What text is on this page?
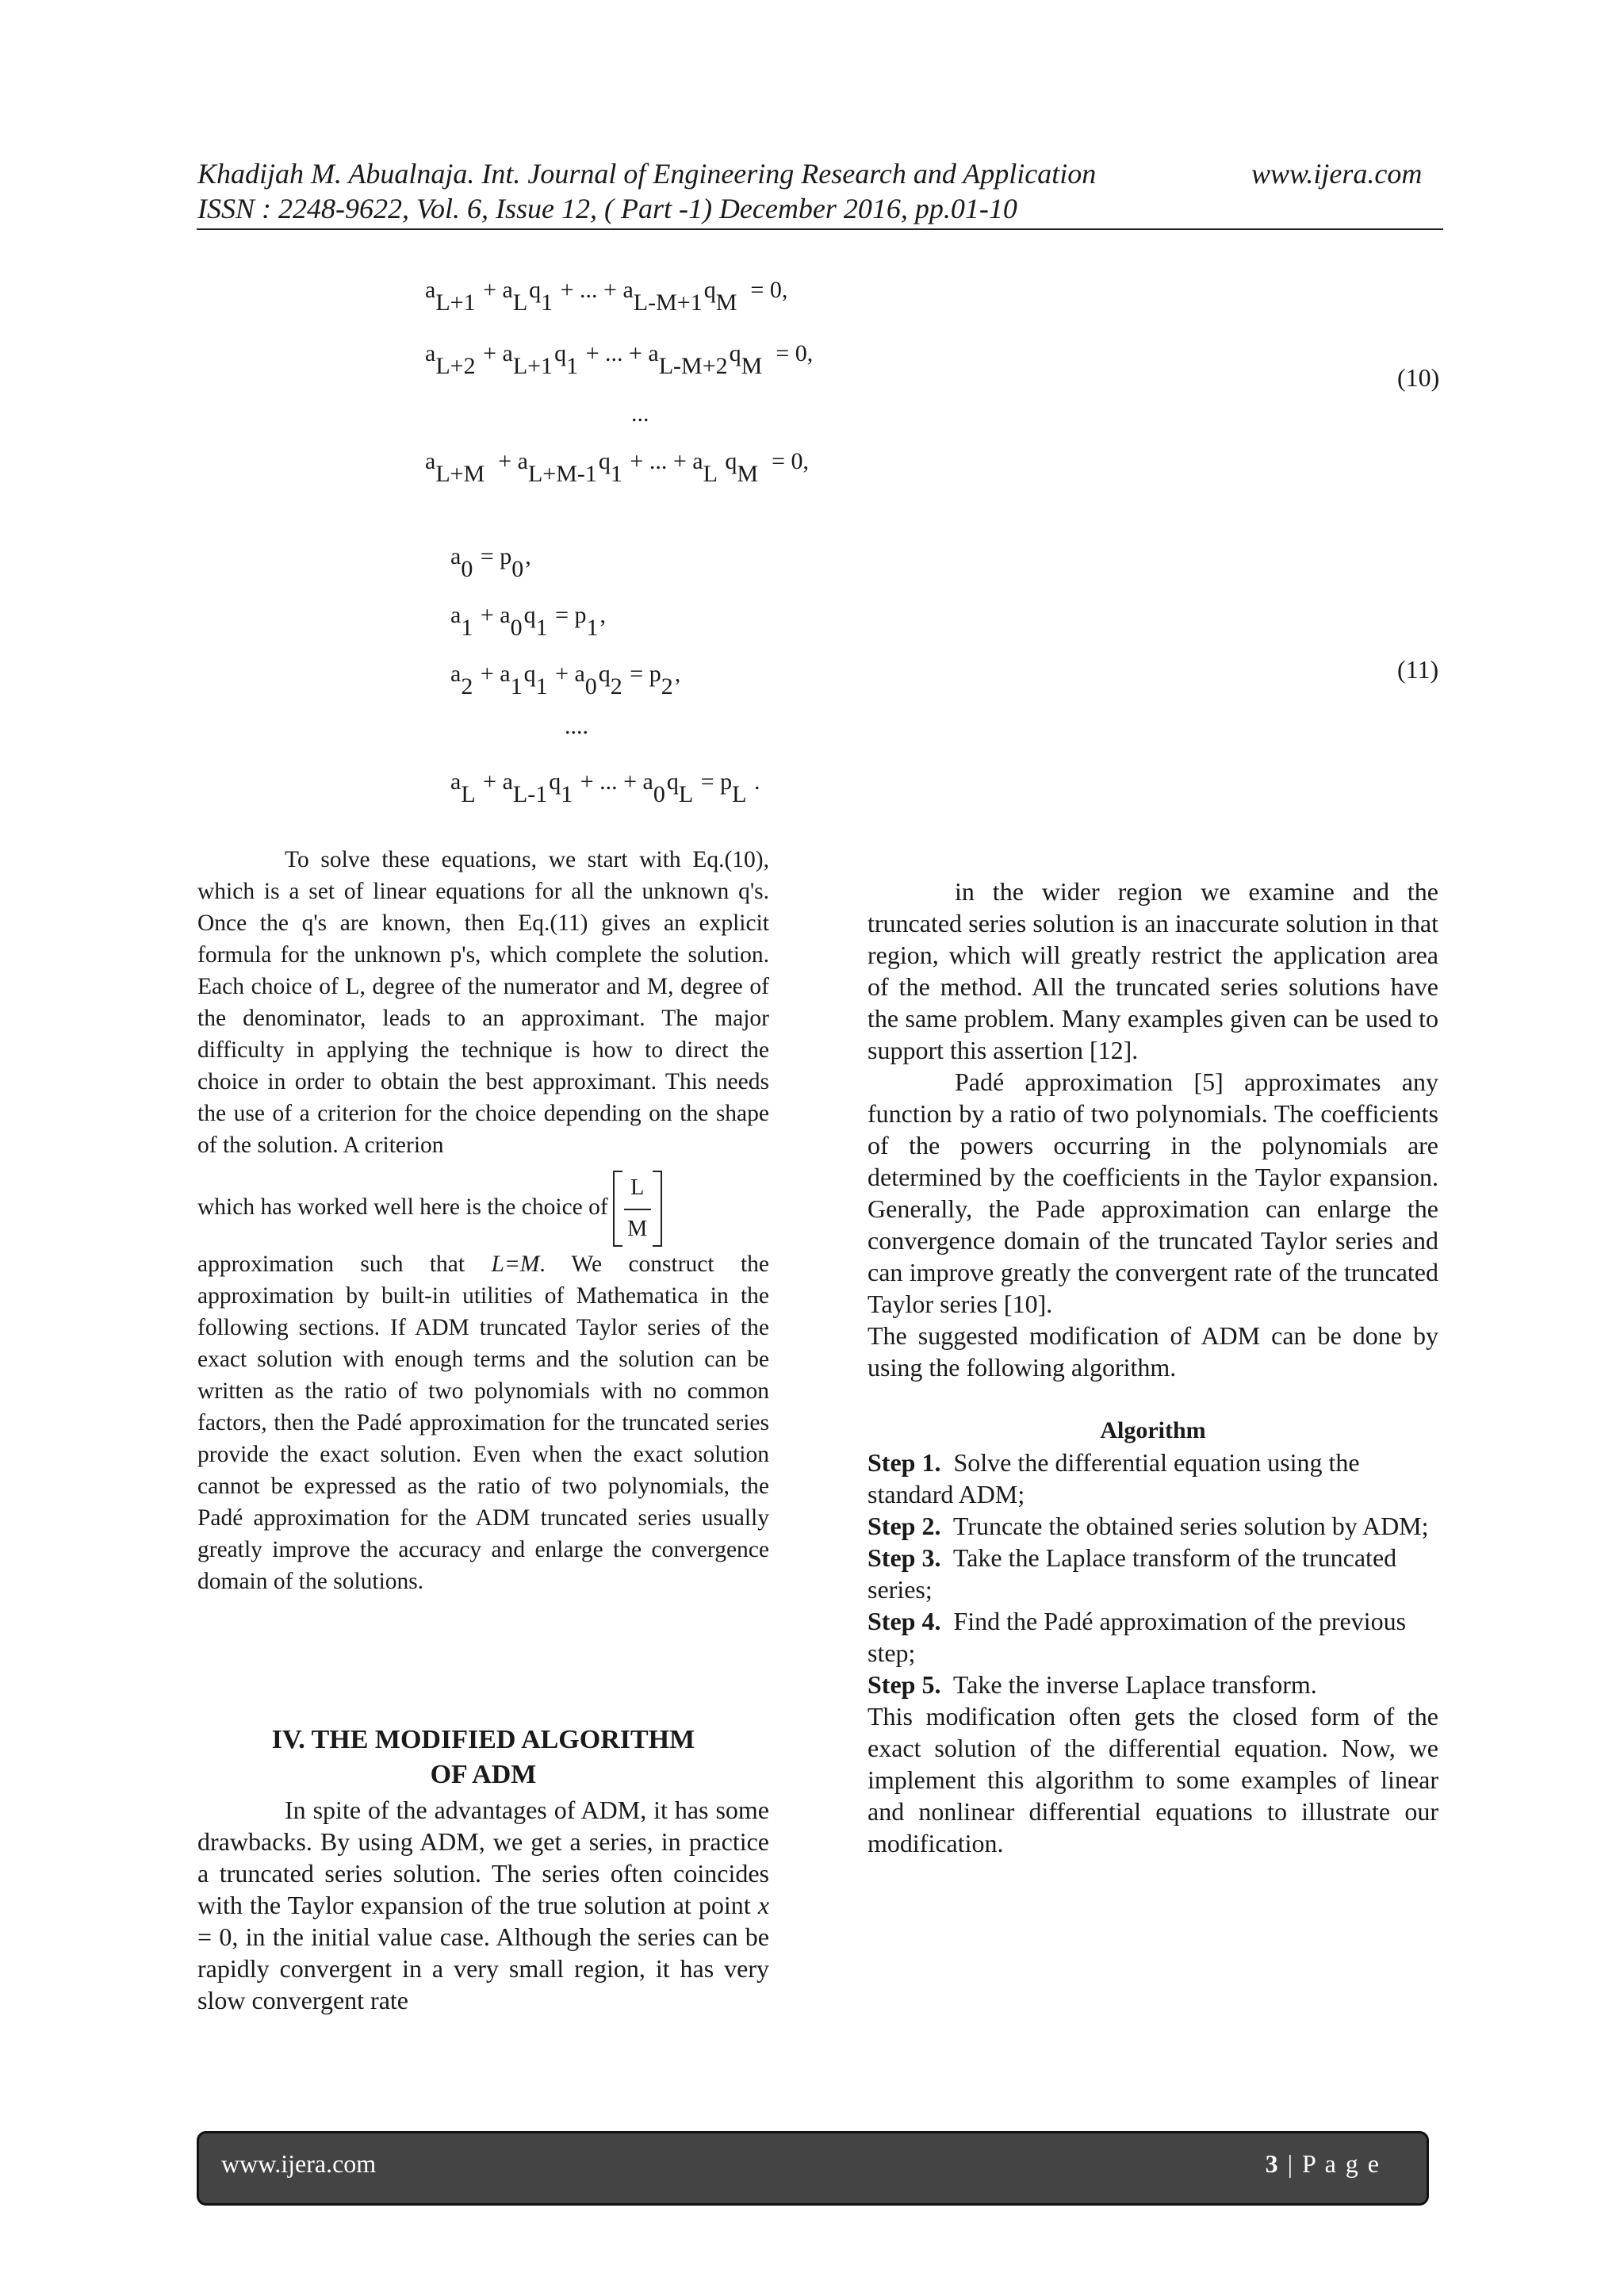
Khadijah M. Abualnaja. Int. Journal of Engineering Research and Application	www.ijera.com
ISSN : 2248-9622, Vol. 6, Issue 12, ( Part -1) December 2016, pp.01-10
$a_{L+1} + a_Lq_1$ + ... + $a_{L-M+1}q_M = 0$,
$a_{L+2} + a_{L+1}q_1$ + ... + $a_{L-M+2}q_M = 0$,
...
$a_{L+M} + a_{L+M-1}q_1$ + ... + $a_L$ $q_M = 0$,
(10)
$a_0 = p_0$,
$a_1 + a_0q_1 = p_1$,
$a_2 + a_1q_1 + a_0q_2 = p_2$,
....
$a_L + a_{L-1}q_1$ + ... + $a_0q_L = p_L$ .
(11)

To solve these equations, we start with Eq.(10), which is a set of linear equations for all the unknown q's. Once the q's are known, then Eq.(11) gives an explicit formula for the unknown p's, which complete the solution. Each choice of L, degree of the numerator and M, degree of the denominator, leads to an approximant. The major difficulty in applying the technique is how to direct the choice in order to obtain the best approximant. This needs the use of a criterion for the choice depending on the shape of the solution. A criterion

which has worked well here is the choice of $\frac{L}{M}$

approximation such that L=M. We construct the approximation by built-in utilities of Mathematica in the following sections. If ADM truncated Taylor series of the exact solution with enough terms and the solution can be written as the ratio of two polynomials with no common factors, then the Padé approximation for the truncated series provide the exact solution. Even when the exact solution cannot be expressed as the ratio of two polynomials, the Padé approximation for the ADM truncated series usually greatly improve the accuracy and enlarge the convergence domain of the solutions.

IV. THE MODIFIED ALGORITHM
OF ADM

In spite of the advantages of ADM, it has some drawbacks. By using ADM, we get a series, in practice a truncated series solution. The series often coincides with the Taylor expansion of the true solution at point x = 0, in the initial value case. Although the series can be rapidly convergent in a very small region, it has very slow convergent rate

in the wider region we examine and the truncated series solution is an inaccurate solution in that region, which will greatly restrict the application area of the method. All the truncated series solutions have the same problem. Many examples given can be used to support this assertion [12].

Padé approximation [5] approximates any function by a ratio of two polynomials. The coefficients of the powers occurring in the polynomials are determined by the coefficients in the Taylor expansion. Generally, the Pade approximation can enlarge the convergence domain of the truncated Taylor series and can improve greatly the convergent rate of the truncated Taylor series [10].

The suggested modification of ADM can be done by using the following algorithm.

Algorithm

Step 1. Solve the differential equation using the standard ADM;

Step 2. Truncate the obtained series solution by ADM;

Step 3. Take the Laplace transform of the truncated series;

Step 4. Find the Padé approximation of the previous step;

Step 5. Take the inverse Laplace transform.

This modification often gets the closed form of the exact solution of the differential equation. Now, we implement this algorithm to some examples of linear and nonlinear differential equations to illustrate our modification.

www.ijera.com	3 | P a g e
